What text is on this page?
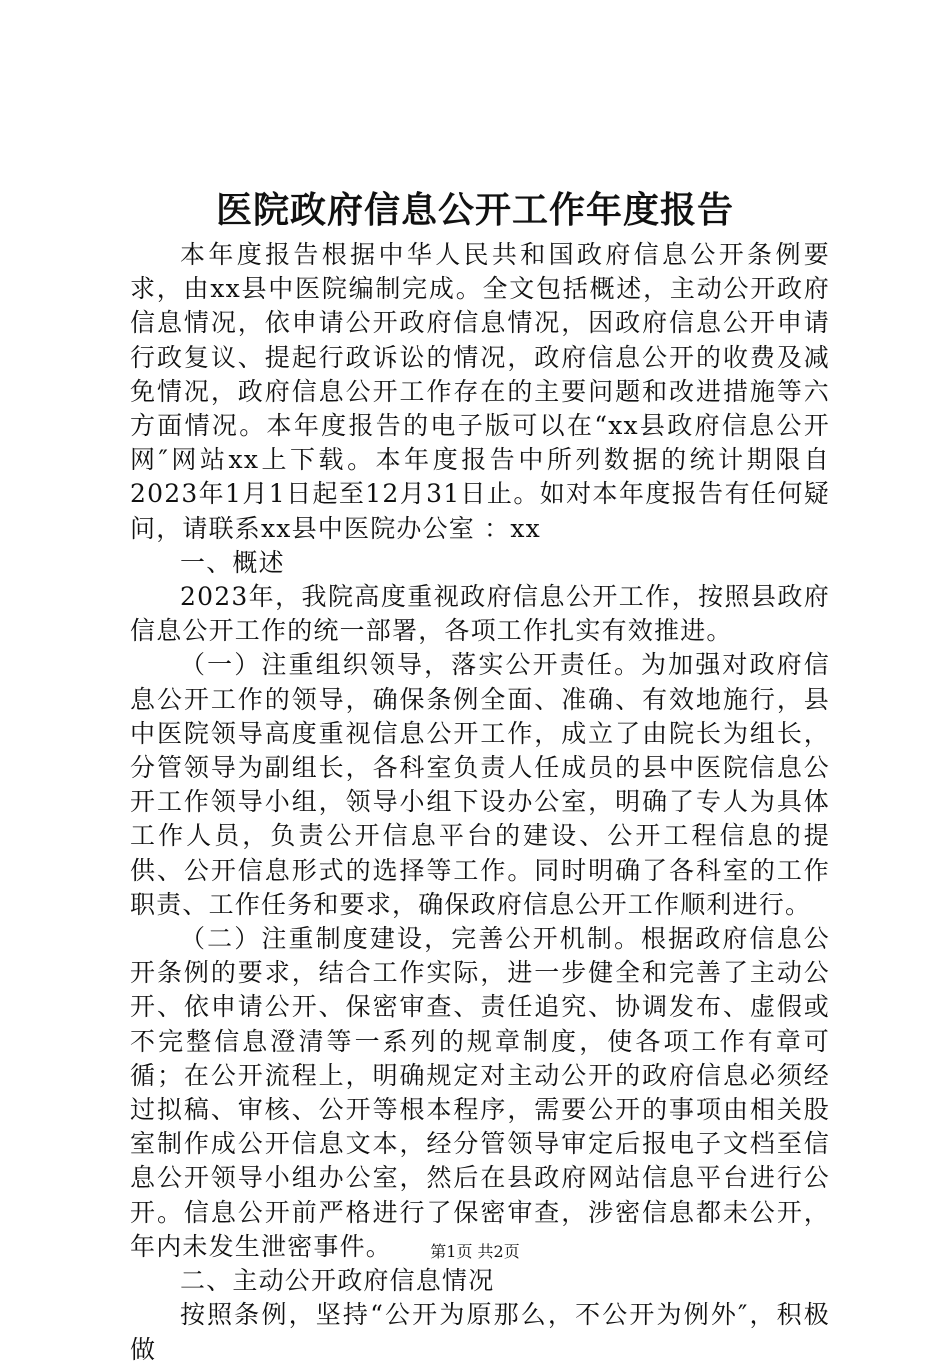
医院政府信息公开工作年度报告

本年度报告根据中华人民共和国政府信息公开条例要求，由xx县中医院编制完成。全文包括概述，主动公开政府信息情况，依申请公开政府信息情况，因政府信息公开申请行政复议、提起行政诉讼的情况，政府信息公开的收费及减免情况，政府信息公开工作存在的主要问题和改进措施等六方面情况。本年度报告的电子版可以在“xx县政府信息公开网″网站xx上下载。本年度报告中所列数据的统计期限自2023年1月1日起至12月31日止。如对本年度报告有任何疑问，请联系xx县中医院办公室 ：xx

一、概述

2023年，我院高度重视政府信息公开工作，按照县政府信息公开工作的统一部署，各项工作扎实有效推进。

（一）注重组织领导，落实公开责任。为加强对政府信息公开工作的领导，确保条例全面、准确、有效地施行，县中医院领导高度重视信息公开工作，成立了由院长为组长，分管领导为副组长，各科室负责人任成员的县中医院信息公开工作领导小组，领导小组下设办公室，明确了专人为具体工作人员，负责公开信息平台的建设、公开工程信息的提供、公开信息形式的选择等工作。同时明确了各科室的工作职责、工作任务和要求，确保政府信息公开工作顺利进行。

（二）注重制度建设，完善公开机制。根据政府信息公开条例的要求，结合工作实际，进一步健全和完善了主动公开、依申请公开、保密审查、责任追究、协调发布、虚假或不完整信息澄清等一系列的规章制度，使各项工作有章可循；在公开流程上，明确规定对主动公开的政府信息必须经过拟稿、审核、公开等根本程序，需要公开的事项由相关股室制作成公开信息文本，经分管领导审定后报电子文档至信息公开领导小组办公室，然后在县政府网站信息平台进行公开。信息公开前严格进行了保密审查，涉密信息都未公开，年内未发生泄密事件。

二、主动公开政府信息情况

按照条例，坚持“公开为原那么，不公开为例外″，积极做

第1页 共2页
